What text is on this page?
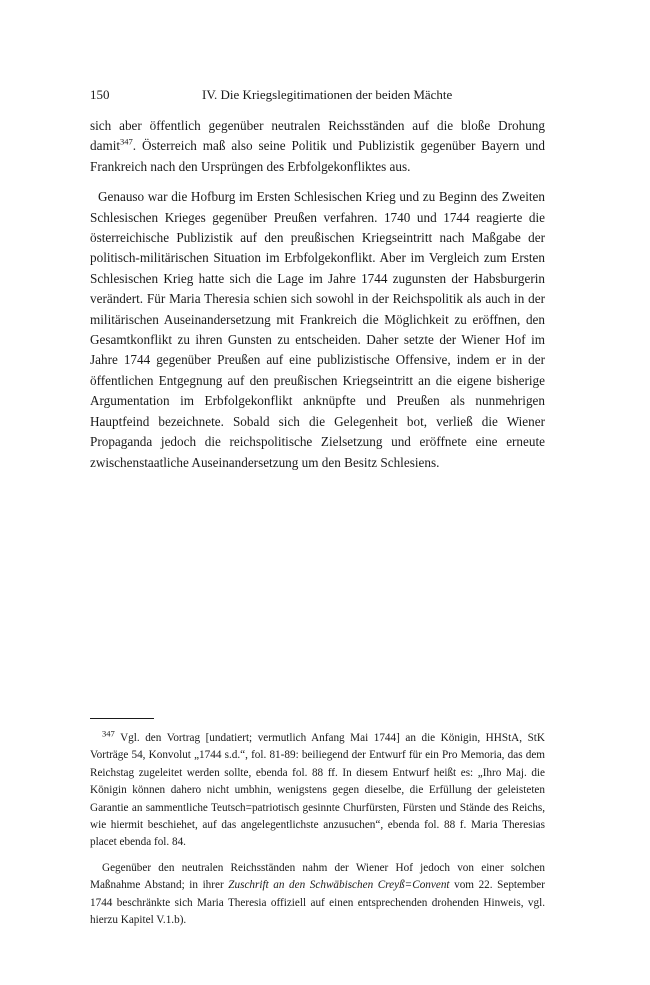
150	IV. Die Kriegslegitimationen der beiden Mächte

sich aber öffentlich gegenüber neutralen Reichsständen auf die bloße Drohung damit$^{347}$. Österreich maß also seine Politik und Publizistik gegenüber Bayern und Frankreich nach den Ursprüngen des Erbfolgekonfliktes aus.

Genauso war die Hofburg im Ersten Schlesischen Krieg und zu Beginn des Zweiten Schlesischen Krieges gegenüber Preußen verfahren. 1740 und 1744 reagierte die österreichische Publizistik auf den preußischen Kriegseintritt nach Maßgabe der politisch-militärischen Situation im Erbfolgekonflikt. Aber im Vergleich zum Ersten Schlesischen Krieg hatte sich die Lage im Jahre 1744 zugunsten der Habsburgerin verändert. Für Maria Theresia schien sich sowohl in der Reichspolitik als auch in der militärischen Auseinandersetzung mit Frankreich die Möglichkeit zu eröffnen, den Gesamtkonflikt zu ihren Gunsten zu entscheiden. Daher setzte der Wiener Hof im Jahre 1744 gegenüber Preußen auf eine publizistische Offensive, indem er in der öffentlichen Entgegnung auf den preußischen Kriegseintritt an die eigene bisherige Argumentation im Erbfolgekonflikt anknüpfte und Preußen als nunmehrigen Hauptfeind bezeichnete. Sobald sich die Gelegenheit bot, verließ die Wiener Propaganda jedoch die reichspolitische Zielsetzung und eröffnete eine erneute zwischenstaatliche Auseinandersetzung um den Besitz Schlesiens.

$^{347}$ Vgl. den Vortrag [undatiert; vermutlich Anfang Mai 1744] an die Königin, HHStA, StK Vorträge 54, Konvolut „1744 s.d.“, fol. 81-89: beiliegend der Entwurf für ein Pro Memoria, das dem Reichstag zugeleitet werden sollte, ebenda fol. 88 ff. In diesem Entwurf heißt es: „Ihro Maj. die Königin können dahero nicht umbhin, wenigstens gegen dieselbe, die Erfüllung der geleisteten Garantie an sammentliche Teutsch=patriotisch gesinnte Churfürsten, Fürsten und Stände des Reichs, wie hiermit beschiehet, auf das angelegentlichste anzusuchen“, ebenda fol. 88 f. Maria Theresias placet ebenda fol. 84.

Gegenüber den neutralen Reichsständen nahm der Wiener Hof jedoch von einer solchen Maßnahme Abstand; in ihrer Zuschrift an den Schwäbischen Creyß=Convent vom 22. September 1744 beschränkte sich Maria Theresia offiziell auf einen entsprechenden drohenden Hinweis, vgl. hierzu Kapitel V.1.b).
